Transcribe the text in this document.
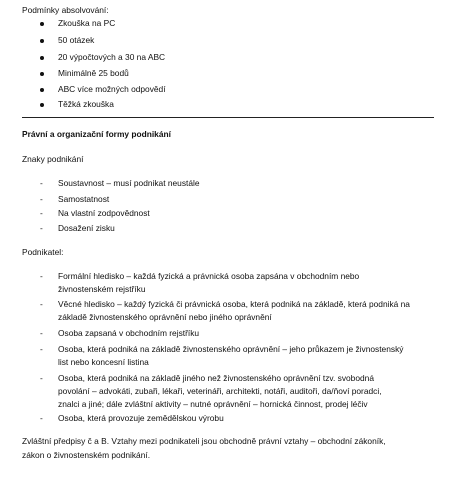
Podmínky absolvování:
Zkouška na PC
50 otázek
20 výpočtových a 30 na ABC
Minimálně 25 bodů
ABC více možných odpovědí
Těžká zkouška
Právní a organizační formy podnikání
Znaky podnikání
- Soustavnost – musí podnikat neustále
- Samostatnost
- Na vlastní zodpovědnost
- Dosažení zisku
Podnikatel:
- Formální hledisko – každá fyzická a právnická osoba zapsána v obchodním nebo
živnostenském rejstříku
- Věcné hledisko – každý fyzická či právnická osoba, která podniká na základě, která podniká na
základě živnostenského oprávnění nebo jiného oprávnění
- Osoba zapsaná v obchodním rejstříku
- Osoba, která podniká na základě živnostenského oprávnění – jeho průkazem je živnostenský
list nebo koncesní listina
- Osoba, která podniká na základě jiného než živnostenského oprávnění tzv. svobodná
povolání – advokáti, zubaři, lékaři, veterináři, architekti, notáři, auditoři, da/ňoví poradci,
znalci a jiné; dále zvláštní aktivity – nutné oprávnění – hornická činnost, prodej léčiv
- Osoba, která provozuje zemědělskou výrobu
Zvláštní předpisy č a B. Vztahy mezi podnikateli jsou obchodně právní vztahy – obchodní zákoník,
zákon o živnostenském podnikání.
